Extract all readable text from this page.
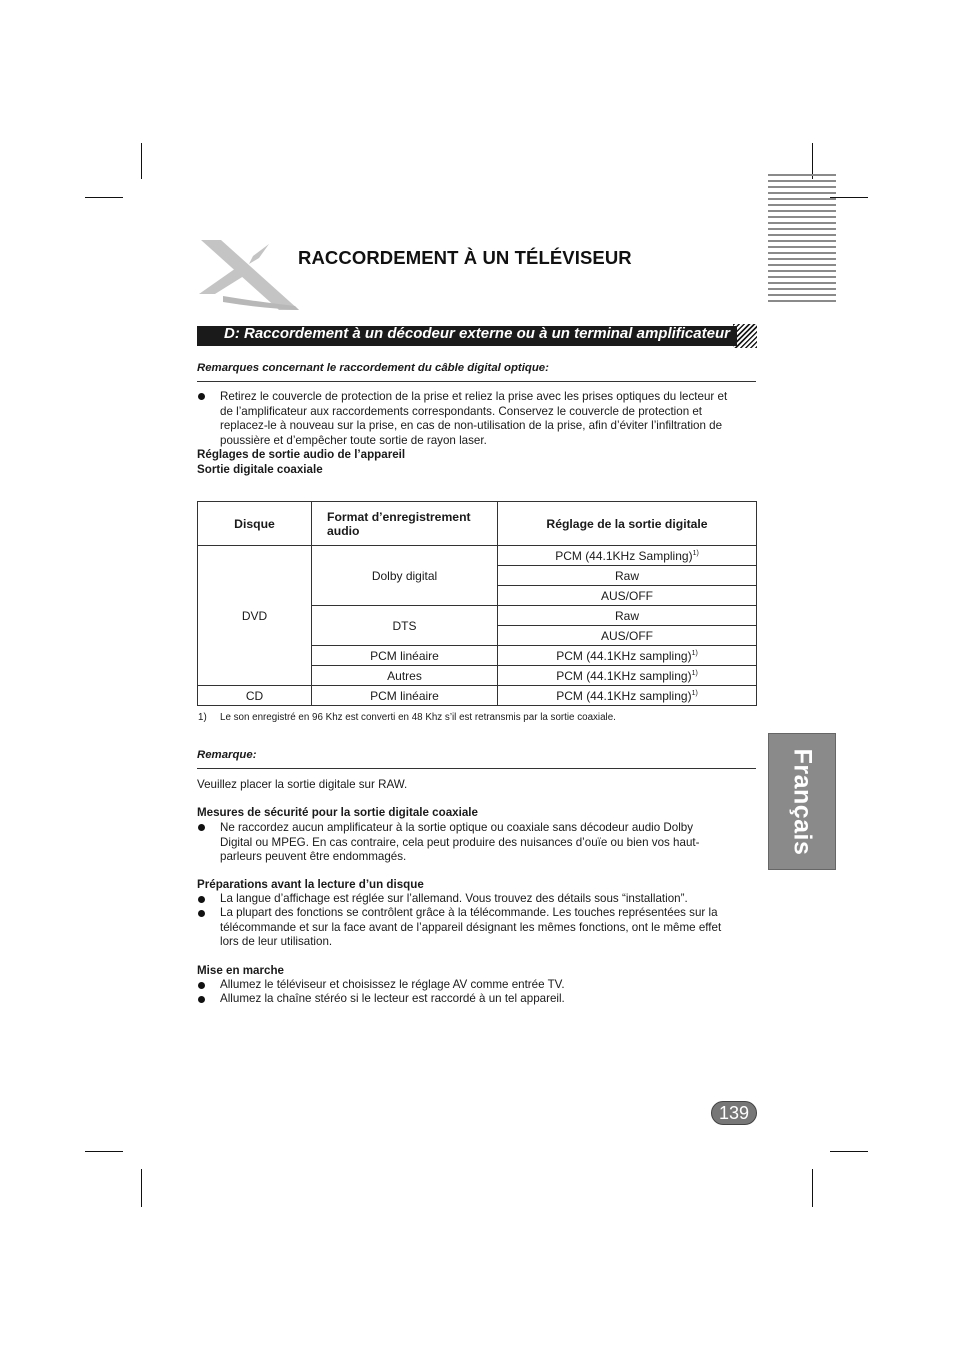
RACCORDEMENT À UN TÉLÉVISEUR
D: Raccordement à un décodeur externe ou à un terminal amplificateur
Remarques concernant le raccordement du câble digital optique:
Retirez le couvercle de protection de la prise et reliez la prise avec les prises optiques du lecteur et
de l’amplificateur aux raccordements correspondants. Conservez le couvercle de protection et
replacez-le à nouveau sur la prise, en cas de non-utilisation de la prise, afin d’éviter l’infiltration de
poussière et d’empêcher toute sortie de rayon laser.
Réglages de sortie audio de l’appareil
Sortie digitale coaxiale
Disque	Format d’enregistrement audio	Réglage de la sortie digitale
DVD	Dolby digital	PCM (44.1KHz Sampling)$^{1)}$
		Raw
		AUS/OFF
	DTS	Raw
		AUS/OFF
	PCM linéaire	PCM (44.1KHz sampling)$^{1)}$
	Autres	PCM (44.1KHz sampling)$^{1)}$
CD	PCM linéaire	PCM (44.1KHz sampling)$^{1)}$
1) Le son enregistré en 96 Khz est converti en 48 Khz s’il est retransmis par la sortie coaxiale.
Remarque:
Veuillez placer la sortie digitale sur RAW.
Mesures de sécurité pour la sortie digitale coaxiale
Ne raccordez aucun amplificateur à la sortie optique ou coaxiale sans décodeur audio Dolby
Digital ou MPEG. En cas contraire, cela peut produire des nuisances d’ouïe ou bien vos haut-
parleurs peuvent être endommagés.
Préparations avant la lecture d’un disque
La langue d’affichage est réglée sur l’allemand. Vous trouvez des détails sous “installation”.
La plupart des fonctions se contrôlent grâce à la télécommande. Les touches représentées sur la
télécommande et sur la face avant de l’appareil désignant les mêmes fonctions, ont le même effet
lors de leur utilisation.
Mise en marche
Allumez le téléviseur et choisissez le réglage AV comme entrée TV.
Allumez la chaîne stéréo si le lecteur est raccordé à un tel appareil.
Français
139
